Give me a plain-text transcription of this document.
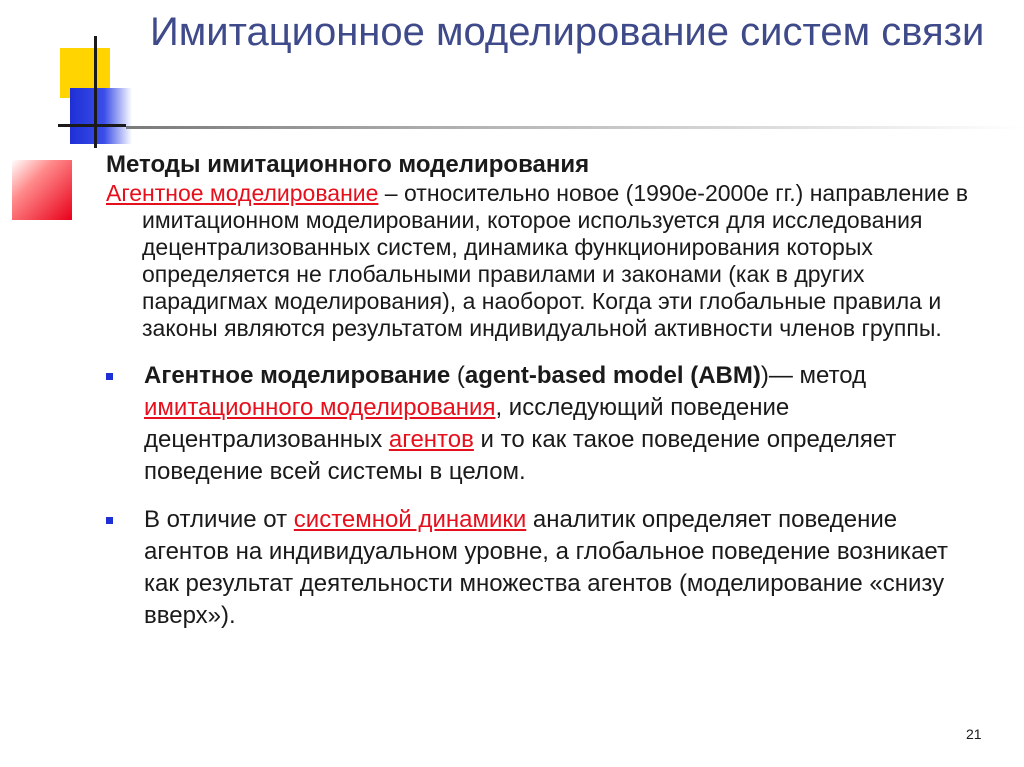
Имитационное моделирование систем связи
Методы имитационного моделирования
Агентное моделирование – относительно новое (1990е-2000е гг.) направление в имитационном моделировании, которое используется для исследования децентрализованных систем, динамика функционирования которых определяется не глобальными правилами и законами (как в других парадигмах моделирования), а наоборот. Когда эти глобальные правила и законы являются результатом индивидуальной активности членов группы.
Агентное моделирование (agent-based model (ABM))— метод имитационного моделирования, исследующий поведение децентрализованных агентов и то как такое поведение определяет поведение всей системы в целом.
В отличие от системной динамики аналитик определяет поведение агентов на индивидуальном уровне, а глобальное поведение возникает как результат деятельности множества агентов (моделирование «снизу вверх»).
21
